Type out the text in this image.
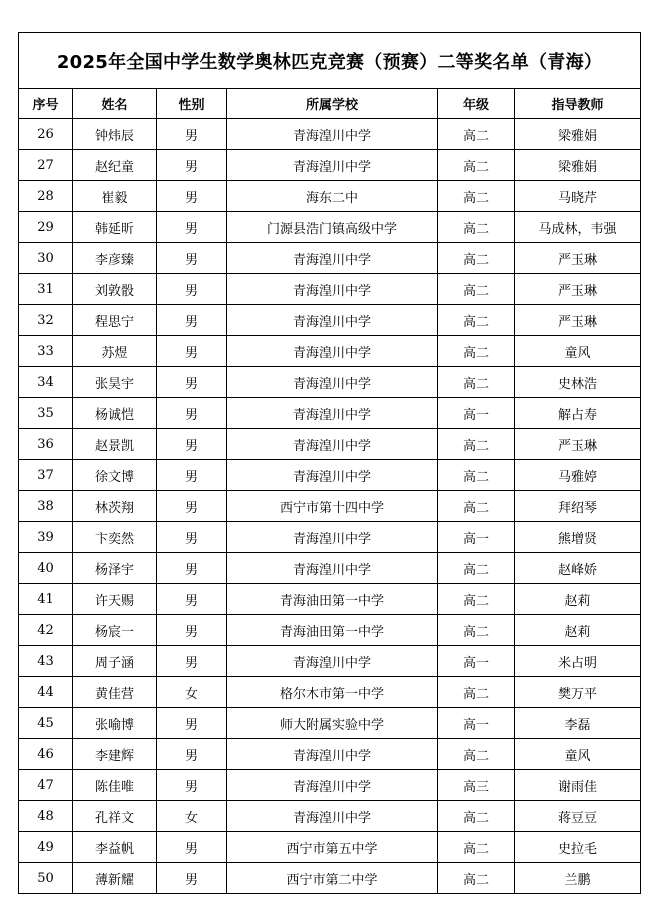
2025年全国中学生数学奥林匹克竞赛（预赛）二等奖名单（青海）					
序号	姓名	性别	所属学校	年级	指导教师
26	钟炜辰	男	青海湟川中学	高二	梁雅娟
27	赵纪童	男	青海湟川中学	高二	梁雅娟
28	崔毅	男	海东二中	高二	马晓芹
29	韩延昕	男	门源县浩门镇高级中学	高二	马成林，韦强
30	李彦臻	男	青海湟川中学	高二	严玉琳
31	刘敦骰	男	青海湟川中学	高二	严玉琳
32	程思宁	男	青海湟川中学	高二	严玉琳
33	苏煜	男	青海湟川中学	高二	童风
34	张昊宇	男	青海湟川中学	高二	史林浩
35	杨诚恺	男	青海湟川中学	高一	解占寿
36	赵景凯	男	青海湟川中学	高二	严玉琳
37	徐文博	男	青海湟川中学	高二	马雅婷
38	林茨翔	男	西宁市第十四中学	高二	拜绍琴
39	卞奕然	男	青海湟川中学	高一	熊增贤
40	杨泽宇	男	青海湟川中学	高二	赵峰娇
41	许天赐	男	青海油田第一中学	高二	赵莉
42	杨宸一	男	青海油田第一中学	高二	赵莉
43	周子涵	男	青海湟川中学	高一	米占明
44	黄佳营	女	格尔木市第一中学	高二	樊万平
45	张喻博	男	师大附属实验中学	高一	李磊
46	李建辉	男	青海湟川中学	高二	童风
47	陈佳唯	男	青海湟川中学	高三	谢雨佳
48	孔祥文	女	青海湟川中学	高二	蒋豆豆
49	李益帆	男	西宁市第五中学	高二	史拉毛
50	薄新耀	男	西宁市第二中学	高二	兰鹏
